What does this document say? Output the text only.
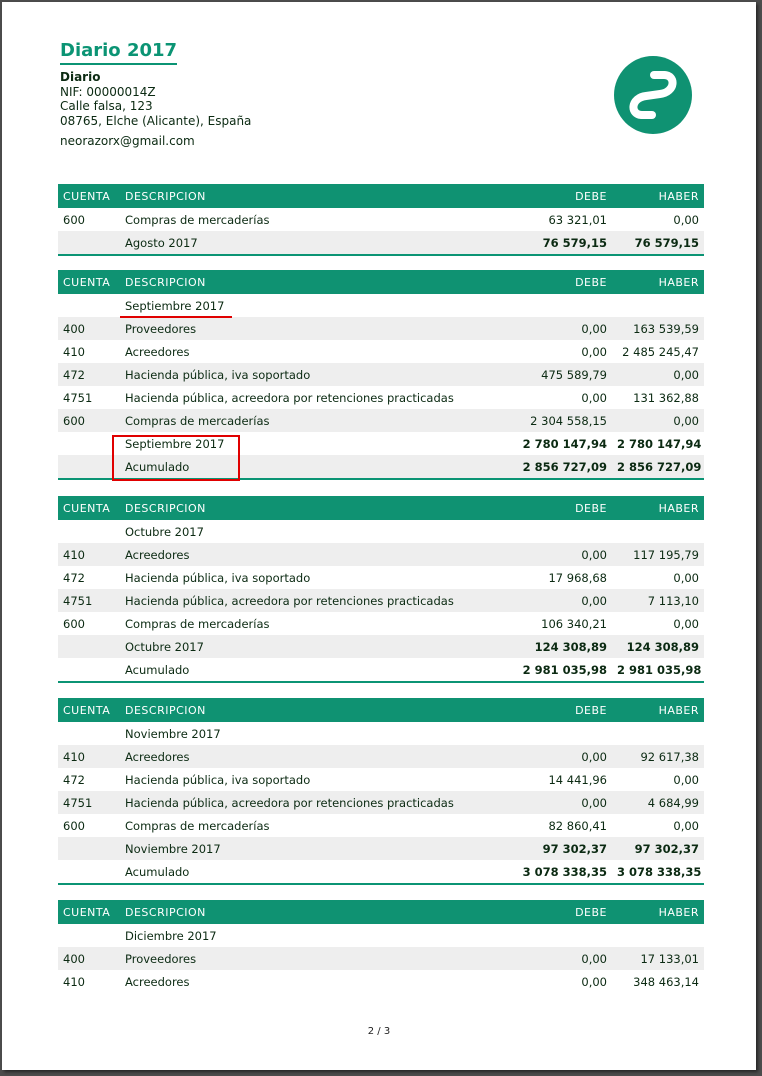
Diario 2017
Diario
NIF: 00000014Z
Calle falsa, 123
08765, Elche (Alicante), España
neorazorx@gmail.com
CUENTA	DESCRIPCION	DEBE	HABER
600	Compras de mercaderías	63 321,01	0,00
	Agosto 2017	76 579,15	76 579,15
CUENTA	DESCRIPCION	DEBE	HABER
	Septiembre 2017		
400	Proveedores	0,00	163 539,59
410	Acreedores	0,00	2 485 245,47
472	Hacienda pública, iva soportado	475 589,79	0,00
4751	Hacienda pública, acreedora por retenciones practicadas	0,00	131 362,88
600	Compras de mercaderías	2 304 558,15	0,00
	Septiembre 2017	2 780 147,94	2 780 147,94
	Acumulado	2 856 727,09	2 856 727,09
CUENTA	DESCRIPCION	DEBE	HABER
	Octubre 2017		
410	Acreedores	0,00	117 195,79
472	Hacienda pública, iva soportado	17 968,68	0,00
4751	Hacienda pública, acreedora por retenciones practicadas	0,00	7 113,10
600	Compras de mercaderías	106 340,21	0,00
	Octubre 2017	124 308,89	124 308,89
	Acumulado	2 981 035,98	2 981 035,98
CUENTA	DESCRIPCION	DEBE	HABER
	Noviembre 2017		
410	Acreedores	0,00	92 617,38
472	Hacienda pública, iva soportado	14 441,96	0,00
4751	Hacienda pública, acreedora por retenciones practicadas	0,00	4 684,99
600	Compras de mercaderías	82 860,41	0,00
	Noviembre 2017	97 302,37	97 302,37
	Acumulado	3 078 338,35	3 078 338,35
CUENTA	DESCRIPCION	DEBE	HABER
	Diciembre 2017		
400	Proveedores	0,00	17 133,01
410	Acreedores	0,00	348 463,14
2 / 3
